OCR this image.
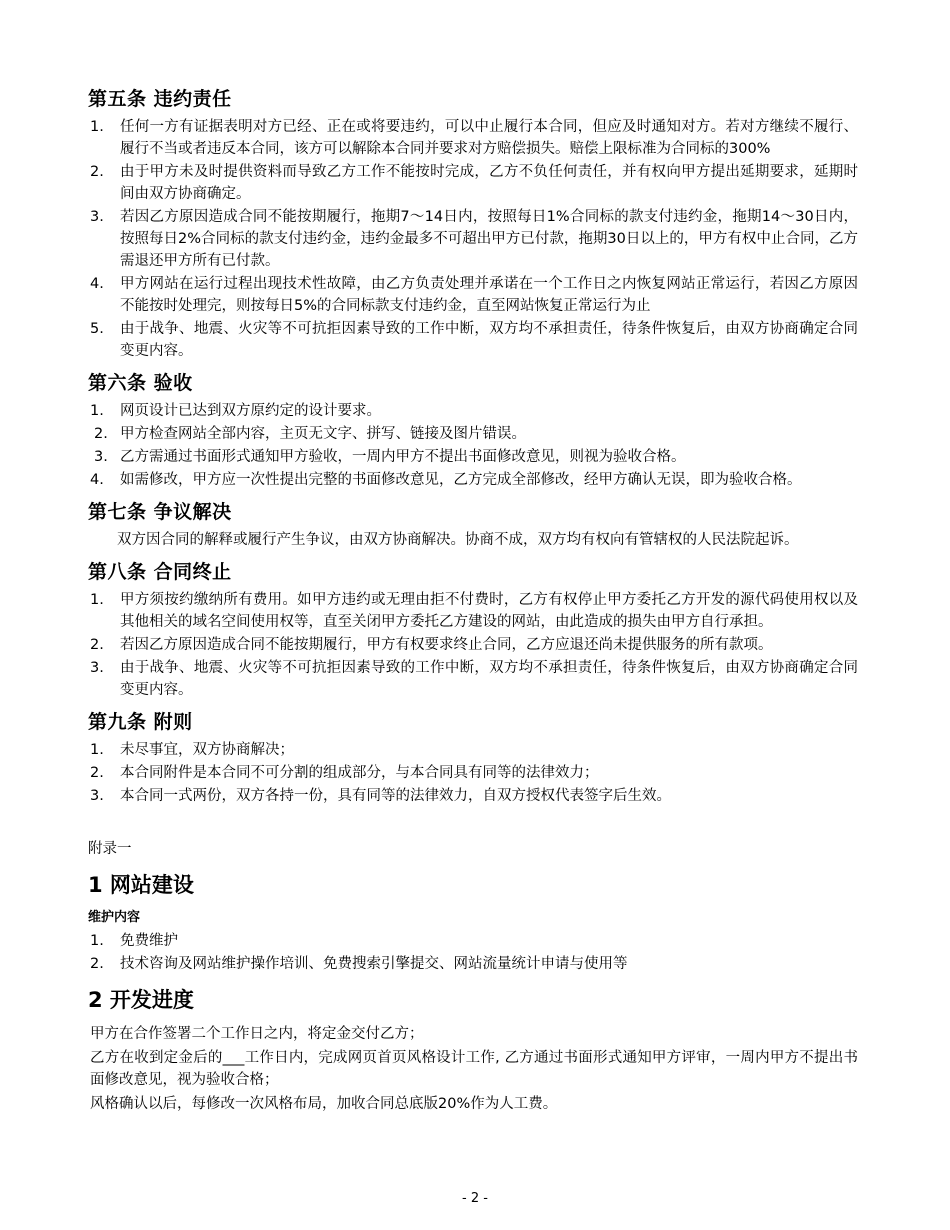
第五条 违约责任
1.	任何一方有证据表明对方已经、正在或将要违约，可以中止履行本合同，但应及时通知对方。若对方继续不履行、履行不当或者违反本合同，该方可以解除本合同并要求对方赔偿损失。赔偿上限标准为合同标的300%
2.	由于甲方未及时提供资料而导致乙方工作不能按时完成，乙方不负任何责任，并有权向甲方提出延期要求，延期时间由双方协商确定。
3.	若因乙方原因造成合同不能按期履行，拖期7～14日内，按照每日1%合同标的款支付违约金，拖期14～30日内，按照每日2%合同标的款支付违约金，违约金最多不可超出甲方已付款，拖期30日以上的，甲方有权中止合同，乙方需退还甲方所有已付款。
4.	甲方网站在运行过程出现技术性故障，由乙方负责处理并承诺在一个工作日之内恢复网站正常运行，若因乙方原因不能按时处理完，则按每日5%的合同标款支付违约金，直至网站恢复正常运行为止
5.	由于战争、地震、火灾等不可抗拒因素导致的工作中断，双方均不承担责任，待条件恢复后，由双方协商确定合同变更内容。
第六条 验收
1.	网页设计已达到双方原约定的设计要求。
2. 甲方检查网站全部内容，主页无文字、拼写、链接及图片错误。
3. 乙方需通过书面形式通知甲方验收，一周内甲方不提出书面修改意见，则视为验收合格。
4.	如需修改，甲方应一次性提出完整的书面修改意见，乙方完成全部修改，经甲方确认无误，即为验收合格。
第七条 争议解决

双方因合同的解释或履行产生争议，由双方协商解决。协商不成，双方均有权向有管辖权的人民法院起诉。

第八条 合同终止
1.	甲方须按约缴纳所有费用。如甲方违约或无理由拒不付费时，乙方有权停止甲方委托乙方开发的源代码使用权以及其他相关的域名空间使用权等，直至关闭甲方委托乙方建设的网站，由此造成的损失由甲方自行承担。
2.	若因乙方原因造成合同不能按期履行，甲方有权要求终止合同，乙方应退还尚未提供服务的所有款项。
3.	由于战争、地震、火灾等不可抗拒因素导致的工作中断，双方均不承担责任，待条件恢复后，由双方协商确定合同变更内容。
第九条 附则
1.	未尽事宜，双方协商解决；
2.	本合同附件是本合同不可分割的组成部分，与本合同具有同等的法律效力；
3.	本合同一式两份，双方各持一份，具有同等的法律效力，自双方授权代表签字后生效。

附录一

1 网站建设
维护内容
1.	免费维护
2.	技术咨询及网站维护操作培训、免费搜索引擎提交、网站流量统计申请与使用等
2 开发进度

甲方在合作签署二个工作日之内，将定金交付乙方；

乙方在收到定金后的___工作日内，完成网页首页风格设计工作, 乙方通过书面形式通知甲方评审，一周内甲方不提出书面修改意见，视为验收合格；

风格确认以后，每修改一次风格布局，加收合同总底版20%作为人工费。

- 2 -
